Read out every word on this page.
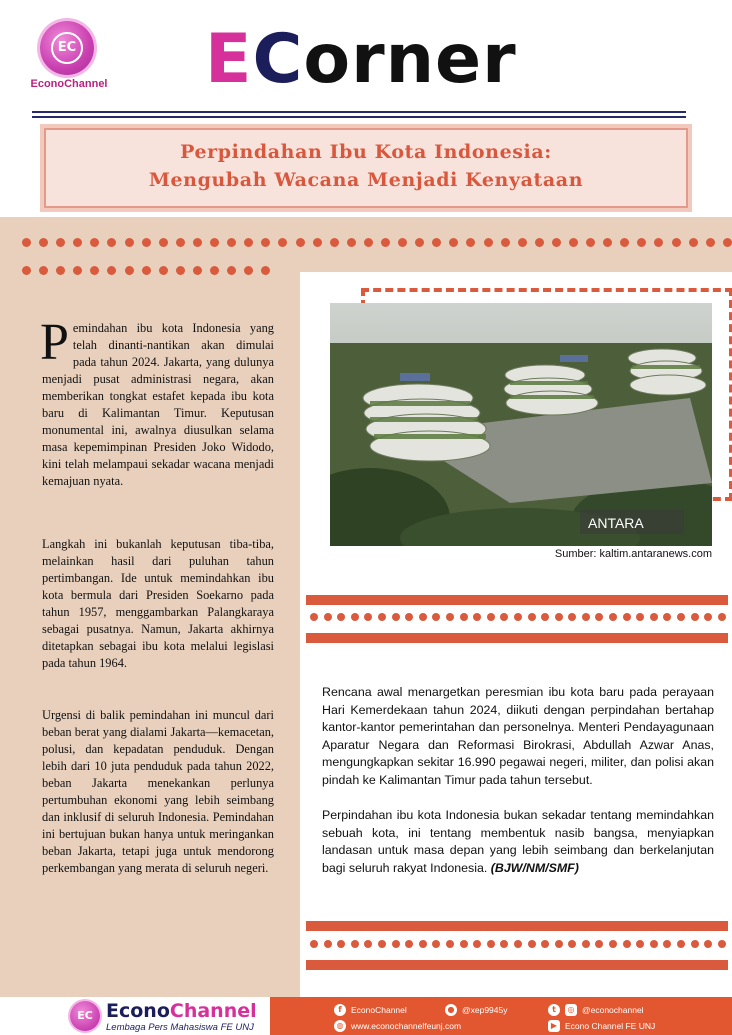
EC
EconoChannel ECorner
Perpindahan Ibu Kota Indonesia:
Mengubah Wacana Menjadi Kenyataan

Pemindahan ibu kota Indonesia yang telah dinanti-nantikan akan dimulai pada tahun 2024. Jakarta, yang dulunya menjadi pusat administrasi negara, akan memberikan tongkat estafet kepada ibu kota baru di Kalimantan Timur. Keputusan monumental ini, awalnya diusulkan selama masa kepemimpinan Presiden Joko Widodo, kini telah melampaui sekadar wacana menjadi kemajuan nyata.

Langkah ini bukanlah keputusan tiba-tiba, melainkan hasil dari puluhan tahun pertimbangan. Ide untuk memindahkan ibu kota bermula dari Presiden Soekarno pada tahun 1957, menggambarkan Palangkaraya sebagai pusatnya. Namun, Jakarta akhirnya ditetapkan sebagai ibu kota melalui legislasi pada tahun 1964.

Urgensi di balik pemindahan ini muncul dari beban berat yang dialami Jakarta—kemacetan, polusi, dan kepadatan penduduk. Dengan lebih dari 10 juta penduduk pada tahun 2022, beban Jakarta menekankan perlunya pertumbuhan ekonomi yang lebih seimbang dan inklusif di seluruh Indonesia. Pemindahan ini bertujuan bukan hanya untuk meringankan beban Jakarta, tetapi juga untuk mendorong perkembangan yang merata di seluruh negeri.

ANTARA
Sumber: kaltim.antaranews.com

Rencana awal menargetkan peresmian ibu kota baru pada perayaan Hari Kemerdekaan tahun 2024, diikuti dengan perpindahan bertahap kantor-kantor pemerintahan dan personelnya. Menteri Pendayagunaan Aparatur Negara dan Reformasi Birokrasi, Abdullah Azwar Anas, mengungkapkan sekitar 16.990 pegawai negeri, militer, dan polisi akan pindah ke Kalimantan Timur pada tahun tersebut.

Perpindahan ibu kota Indonesia bukan sekadar tentang memindahkan sebuah kota, ini tentang membentuk nasib bangsa, menyiapkan landasan untuk masa depan yang lebih seimbang dan berkelanjutan bagi seluruh rakyat Indonesia. (BJW/NM/SMF)

EC EconoChannel
Lembaga Pers Mahasiswa FE UNJ
f	EconoChannel	● @xep9945y	t	◎ @econochannel
◍ www.econochannelfeunj.com	▶ Econo Channel FE UNJ
